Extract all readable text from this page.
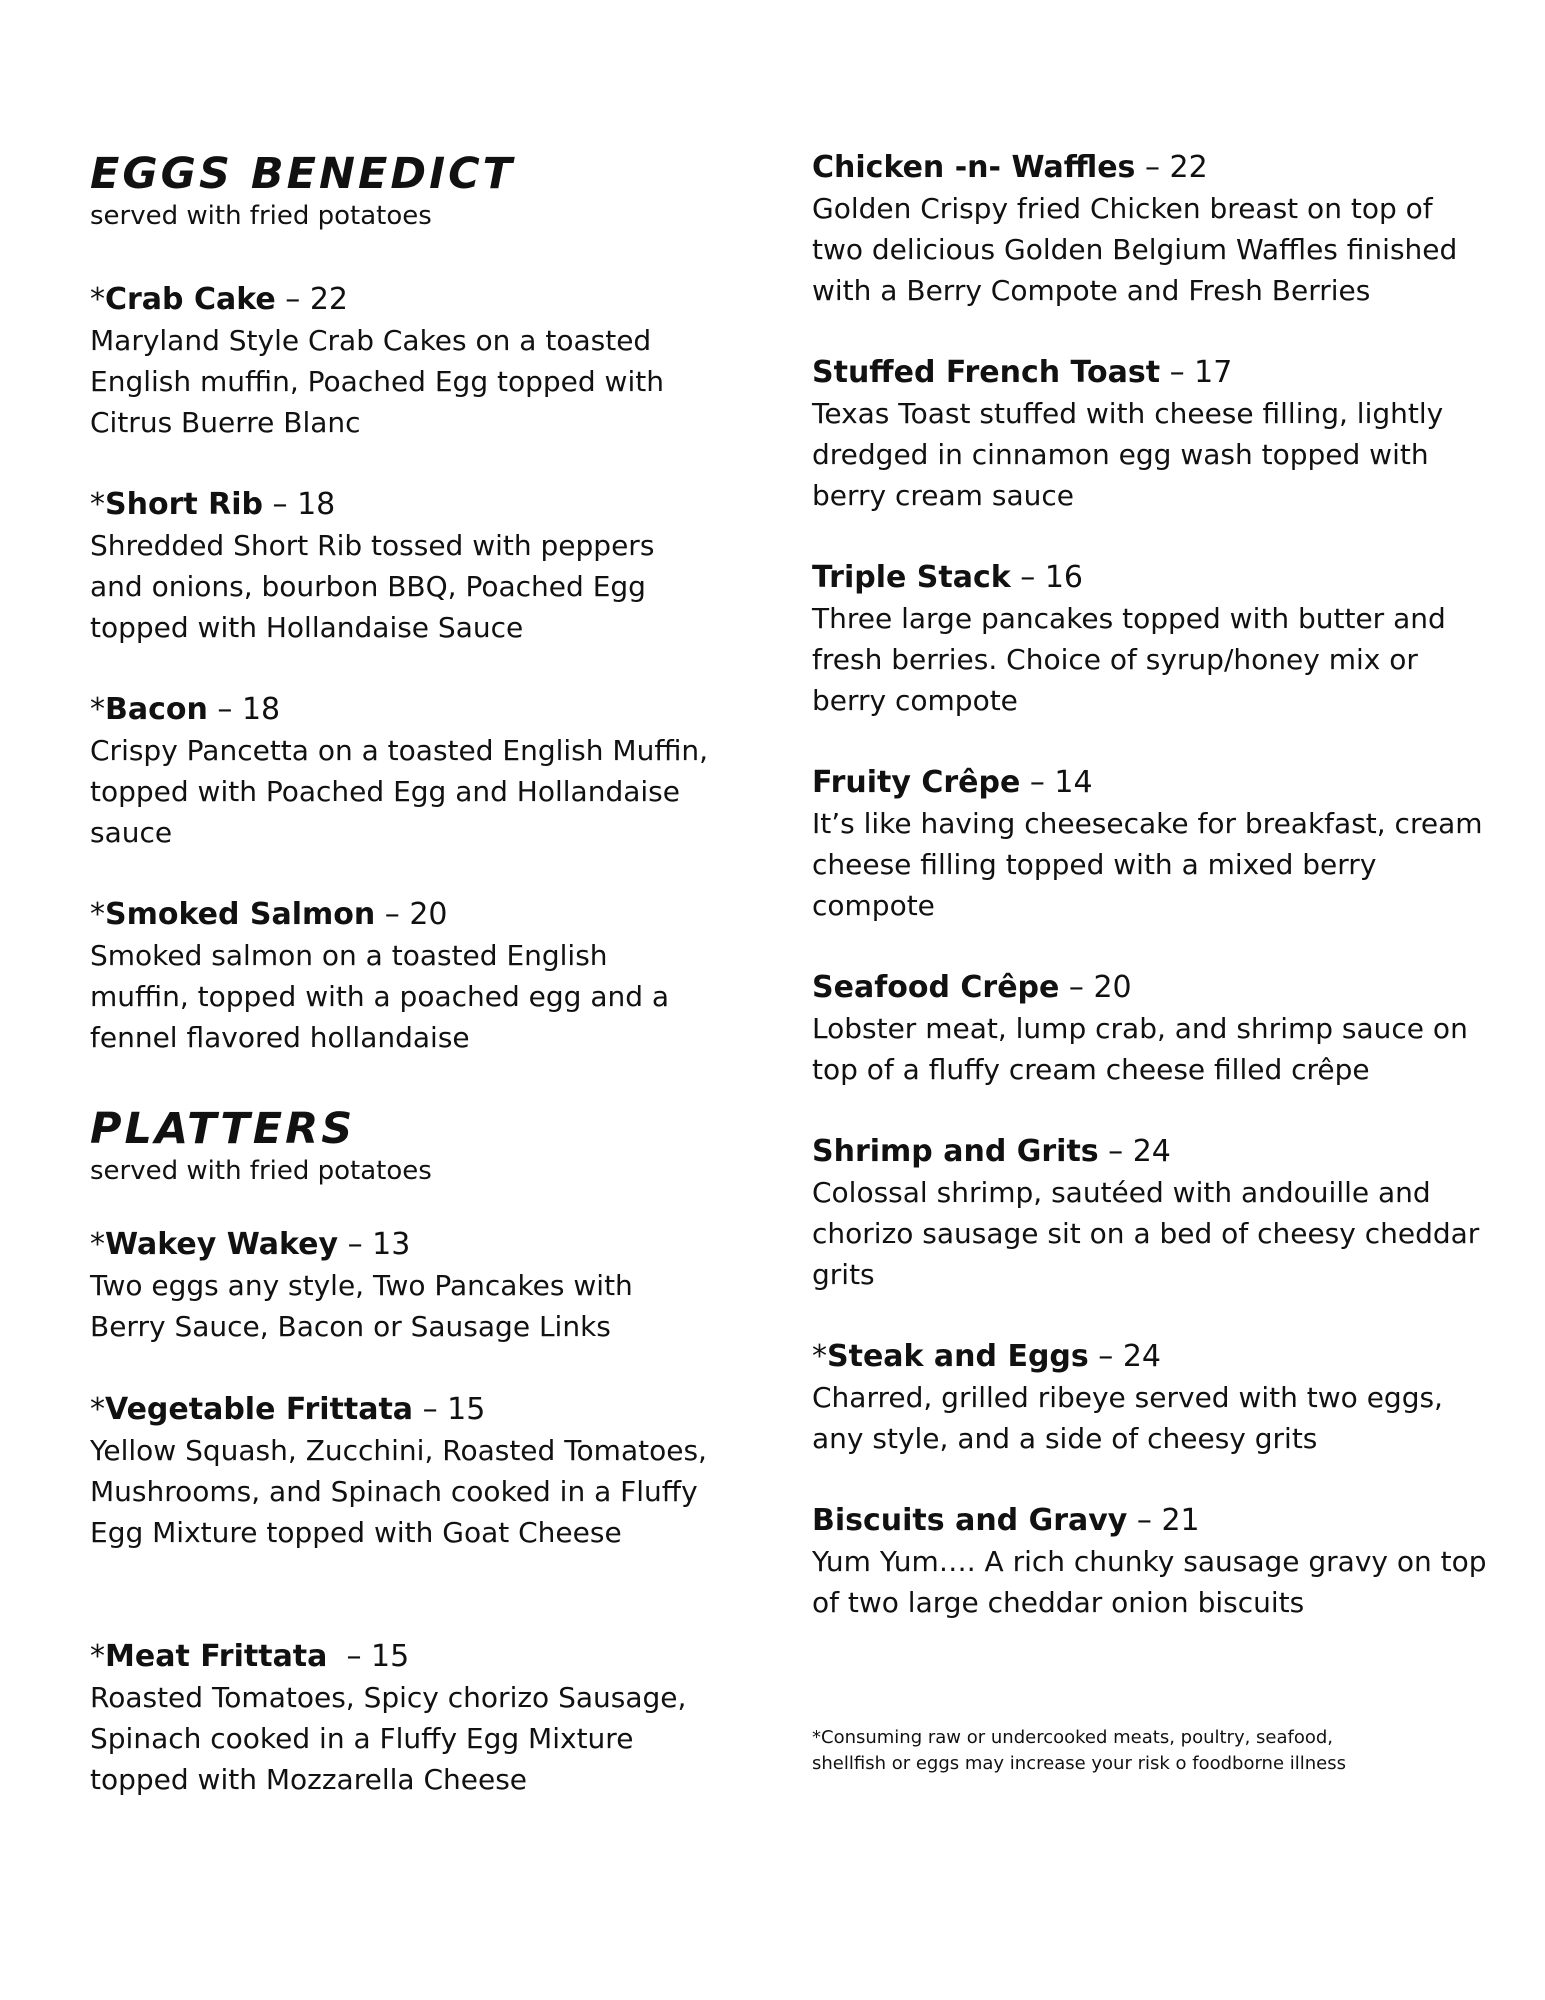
EGGS BENEDICT
served with fried potatoes
*Crab Cake – 22
Maryland Style Crab Cakes on a toasted English muffin, Poached Egg topped with Citrus Buerre Blanc
*Short Rib – 18
Shredded Short Rib tossed with peppers and onions, bourbon BBQ, Poached Egg topped with Hollandaise Sauce
*Bacon – 18
Crispy Pancetta on a toasted English Muffin, topped with Poached Egg and Hollandaise sauce
*Smoked Salmon – 20
Smoked salmon on a toasted English muffin, topped with a poached egg and a fennel flavored hollandaise
PLATTERS
served with fried potatoes
*Wakey Wakey – 13
Two eggs any style, Two Pancakes with Berry Sauce, Bacon or Sausage Links
*Vegetable Frittata – 15
Yellow Squash, Zucchini, Roasted Tomatoes, Mushrooms, and Spinach cooked in a Fluffy Egg Mixture topped with Goat Cheese
*Meat Frittata  – 15
Roasted Tomatoes, Spicy chorizo Sausage, Spinach cooked in a Fluffy Egg Mixture topped with Mozzarella Cheese
Chicken -n- Waffles – 22
Golden Crispy fried Chicken breast on top of two delicious Golden Belgium Waffles finished with a Berry Compote and Fresh Berries
Stuffed French Toast – 17
Texas Toast stuffed with cheese filling, lightly dredged in cinnamon egg wash topped with berry cream sauce
Triple Stack – 16
Three large pancakes topped with butter and fresh berries. Choice of syrup/honey mix or berry compote
Fruity Crêpe – 14
It’s like having cheesecake for breakfast, cream cheese filling topped with a mixed berry compote
Seafood Crêpe – 20
Lobster meat, lump crab, and shrimp sauce on top of a fluffy cream cheese filled crêpe
Shrimp and Grits – 24
Colossal shrimp, sautéed with andouille and chorizo sausage sit on a bed of cheesy cheddar grits
*Steak and Eggs – 24
Charred, grilled ribeye served with two eggs, any style, and a side of cheesy grits
Biscuits and Gravy – 21
Yum Yum…. A rich chunky sausage gravy on top of two large cheddar onion biscuits
*Consuming raw or undercooked meats, poultry, seafood,
shellfish or eggs may increase your risk o foodborne illness
